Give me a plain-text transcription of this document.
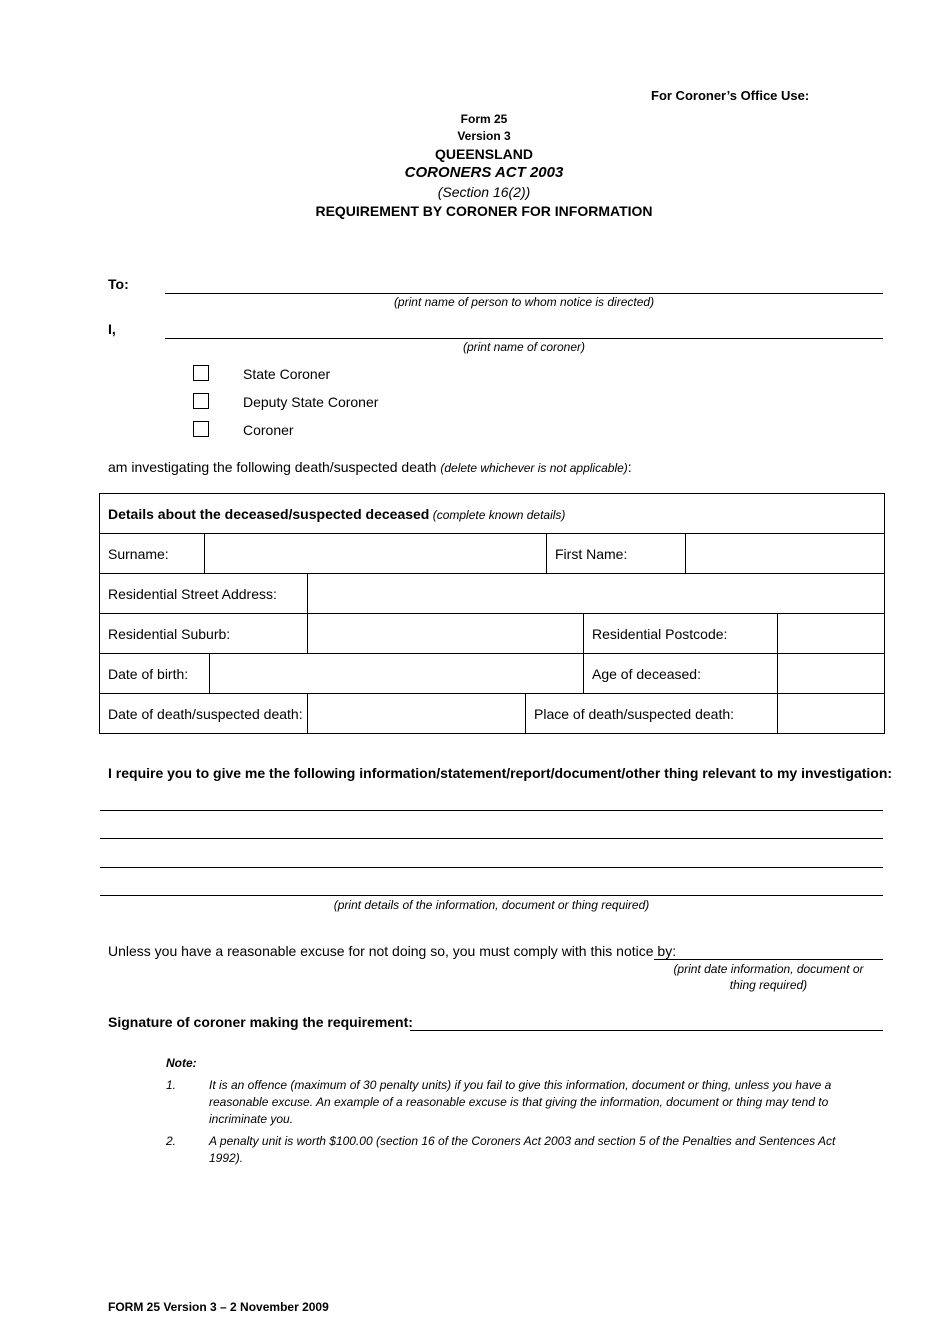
For Coroner’s Office Use:
Form 25
Version 3
QUEENSLAND
CORONERS ACT 2003
(Section 16(2))
REQUIREMENT BY CORONER FOR INFORMATION
To:
(print name of person to whom notice is directed)
I,
(print name of coroner)
State Coroner
Deputy State Coroner
Coroner
am investigating the following death/suspected death (delete whichever is not applicable):
Details about the deceased/suspected deceased (complete known details)								
Surname:					First Name:			
Residential Street Address:								
Residential Suburb:						Residential Postcode:		
Date of birth:						Age of deceased:		
Date of death/suspected death:				Place of death/suspected death:				
I require you to give me the following information/statement/report/document/other thing relevant to my investigation:
(print details of the information, document or thing required)
Unless you have a reasonable excuse for not doing so, you must comply with this notice by:
(print date information, document or
thing required)
Signature of coroner making the requirement:
Note:
1.	It is an offence (maximum of 30 penalty units) if you fail to give this information, document or thing, unless you have a reasonable excuse. An example of a reasonable excuse is that giving the information, document or thing may tend to incriminate you.
2.	A penalty unit is worth $100.00 (section 16 of the Coroners Act 2003 and section 5 of the Penalties and Sentences Act 1992).
FORM 25 Version 3 – 2 November 2009
